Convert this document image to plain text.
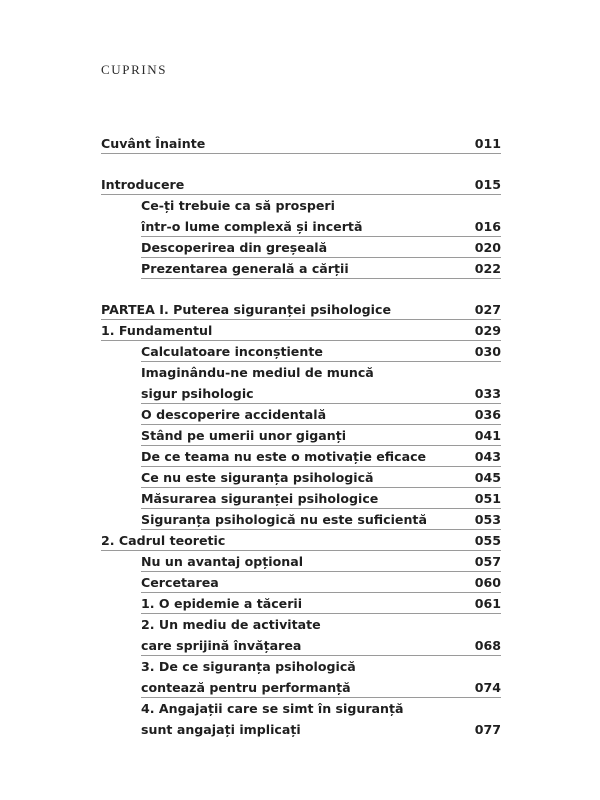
CUPRINS
Cuvânt Înainte	011
Introducere	015
Ce-ți trebuie ca să prosperi
într-o lume complexă și incertă	016
Descoperirea din greșeală	020
Prezentarea generală a cărții	022
PARTEA I. Puterea siguranței psihologice	027
1. Fundamentul	029
Calculatoare inconștiente	030
Imaginându-ne mediul de muncă
sigur psihologic	033
O descoperire accidentală	036
Stând pe umerii unor giganți	041
De ce teama nu este o motivație eficace	043
Ce nu este siguranța psihologică	045
Măsurarea siguranței psihologice	051
Siguranța psihologică nu este suficientă	053
2. Cadrul teoretic	055
Nu un avantaj opțional	057
Cercetarea	060
1. O epidemie a tăcerii	061
2. Un mediu de activitate
care sprijină învățarea	068
3. De ce siguranța psihologică
contează pentru performanță	074
4. Angajații care se simt în siguranță
sunt angajați implicați	077
